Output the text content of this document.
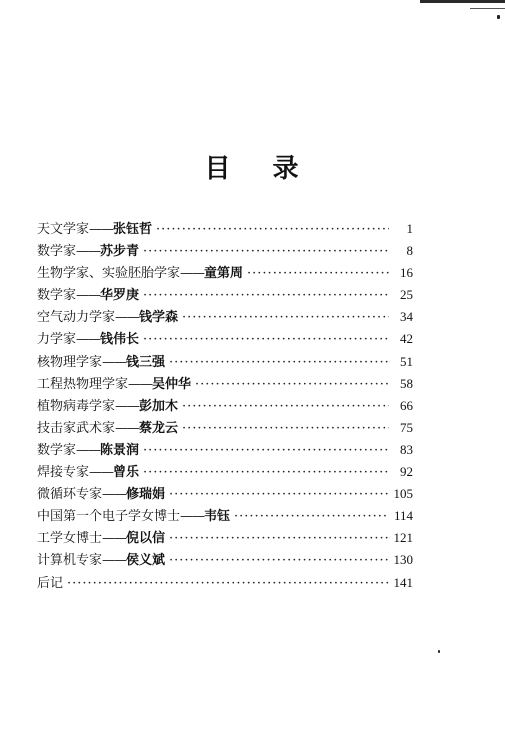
目 录
天文学家 —— 张钰哲 ·····	1
数学家 —— 苏步青 ·····	8
生物学家、实验胚胎学家 —— 童第周 ·····	16
数学家 —— 华罗庚 ·····	25
空气动力学家 —— 钱学森 ·····	34
力学家 —— 钱伟长 ·····	42
核物理学家 —— 钱三强 ·····	51
工程热物理学家 —— 吴仲华 ·····	58
植物病毒学家 —— 彭加木 ·····	66
技击家武术家 —— 蔡龙云 ·····	75
数学家 —— 陈景润 ·····	83
焊接专家 —— 曾乐 ·····	92
微循环专家 —— 修瑞娟 ·····	105
中国第一个电子学女博士 —— 韦钰 ·····	114
工学女博士 —— 倪以信 ·····	121
计算机专家 —— 侯义斌 ·····	130
后记 ·····	141
